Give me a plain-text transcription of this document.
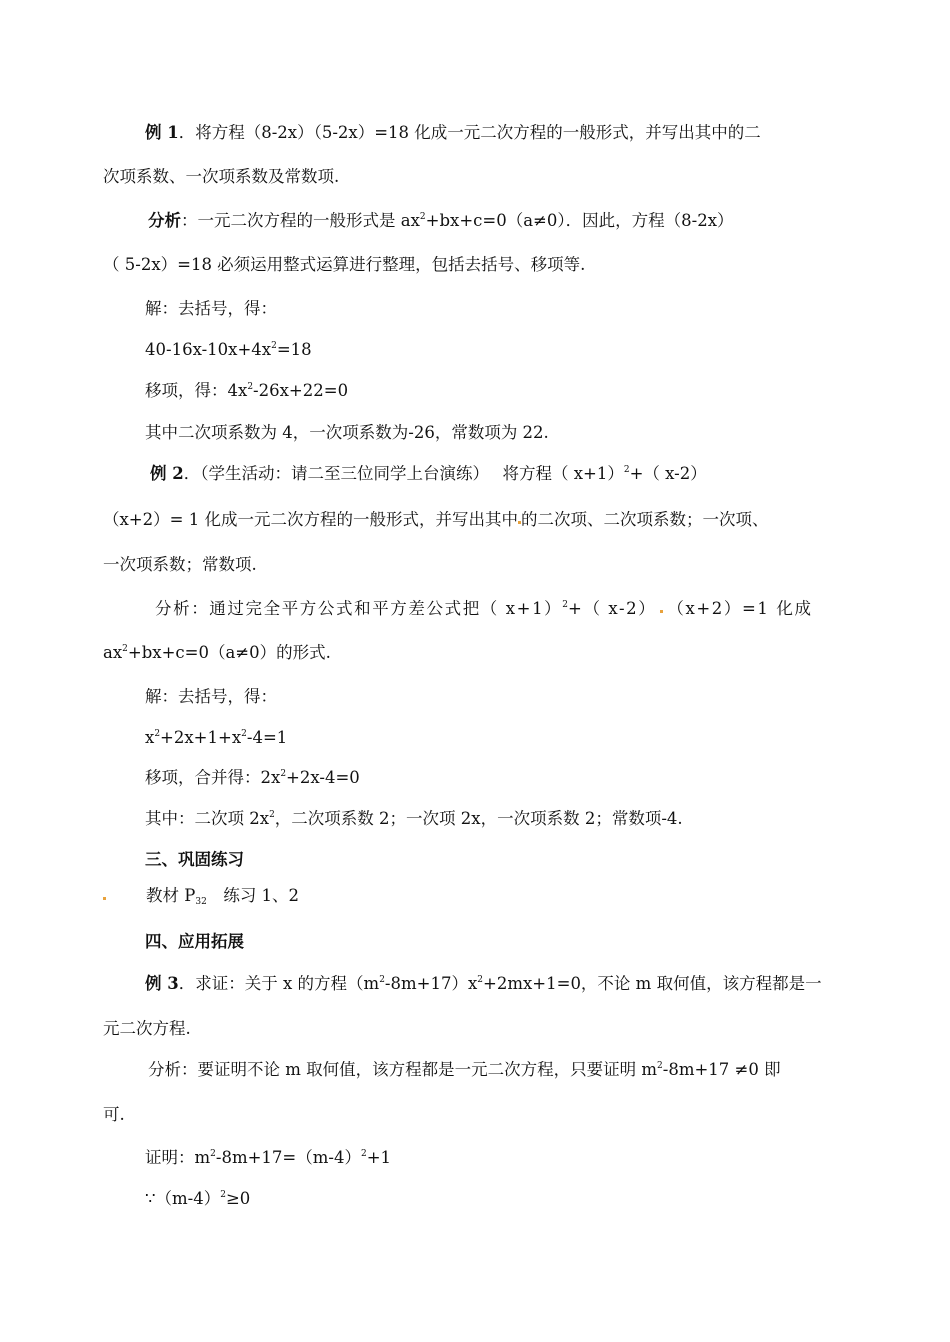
例 1．将方程（8-2x）（5-2x）=18 化成一元二次方程的一般形式，并写出其中的二
次项系数、一次项系数及常数项.
分析：一元二次方程的一般形式是 $ax^2+bx+c=0(a\ne 0)$．因此，方程（8-2x）
（ 5-2x）=18 必须运用整式运算进行整理，包括去括号、移项等.
解：去括号，得：
$40-16x-10x+4x^2=18$
移项，得：$4x^2-26x+22=0$
其中二次项系数为 4，一次项系数为-26，常数项为 22.
例 2．（学生活动：请二至三位同学上台演练）　 将方程（ x+1）$^2$+（ x-2）
（x+2）= 1 化成一元二次方程的一般形式，并写出其中 的二次项、二次项系数；一次项、
一次项系数；常数项.
分析：通过完全平方公式和平方差公式把（ x+1）$^2$+（ x-2） （x+2）=1 化成
$ax^2+bx+c=0(a\ne 0)$的形式.
解：去括号，得：
$x^2+2x+1+x^2-4=1$
移项，合并得：$2x^2+2x-4=0$
其中：二次项 $2x^2$，二次项系数 2；一次项 2x，一次项系数 2；常数项-4.
三、巩固练习
教材 $P_{32}$　练习 1、2
四、应用拓展
例 3．求证：关于 x 的方程$(m^2-8m+17)x^2+2mx+1=0$，不论 m 取何值，该方程都是一
元二次方程.
分析：要证明不论 m 取何值，该方程都是一元二次方程，只要证明 $m^2-8m+17 \ne 0$ 即
可.
证明：$m^2-8m+17=(m-4)^2+1$
$\because(m-4)^2\ge 0$
